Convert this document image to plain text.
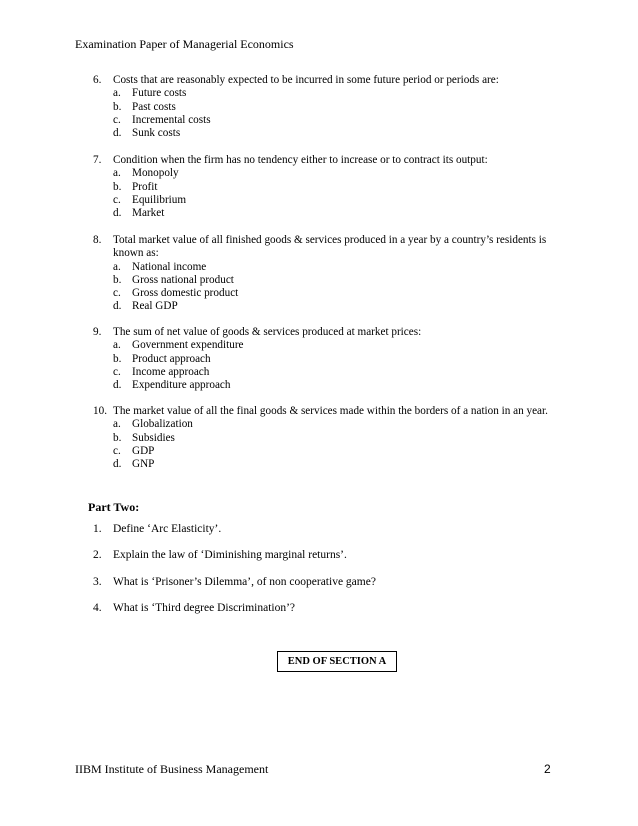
Examination Paper of Managerial Economics
6. Costs that are reasonably expected to be incurred in some future period or periods are:
a. Future costs
b. Past costs
c. Incremental costs
d. Sunk costs
7. Condition when the firm has no tendency either to increase or to contract its output:
a. Monopoly
b. Profit
c. Equilibrium
d. Market
8. Total market value of all finished goods & services produced in a year by a country’s residents is known as:
a. National income
b. Gross national product
c. Gross domestic product
d. Real GDP
9. The sum of net value of goods & services produced at market prices:
a. Government expenditure
b. Product approach
c. Income approach
d. Expenditure approach
10. The market value of all the final goods & services made within the borders of a nation in an year.
a. Globalization
b. Subsidies
c. GDP
d. GNP
Part Two:
1. Define ‘Arc Elasticity’.
2. Explain the law of ‘Diminishing marginal returns’.
3. What is ‘Prisoner’s Dilemma’, of non cooperative game?
4. What is ‘Third degree Discrimination’?
END OF SECTION A
IIBM Institute of Business Management	2
